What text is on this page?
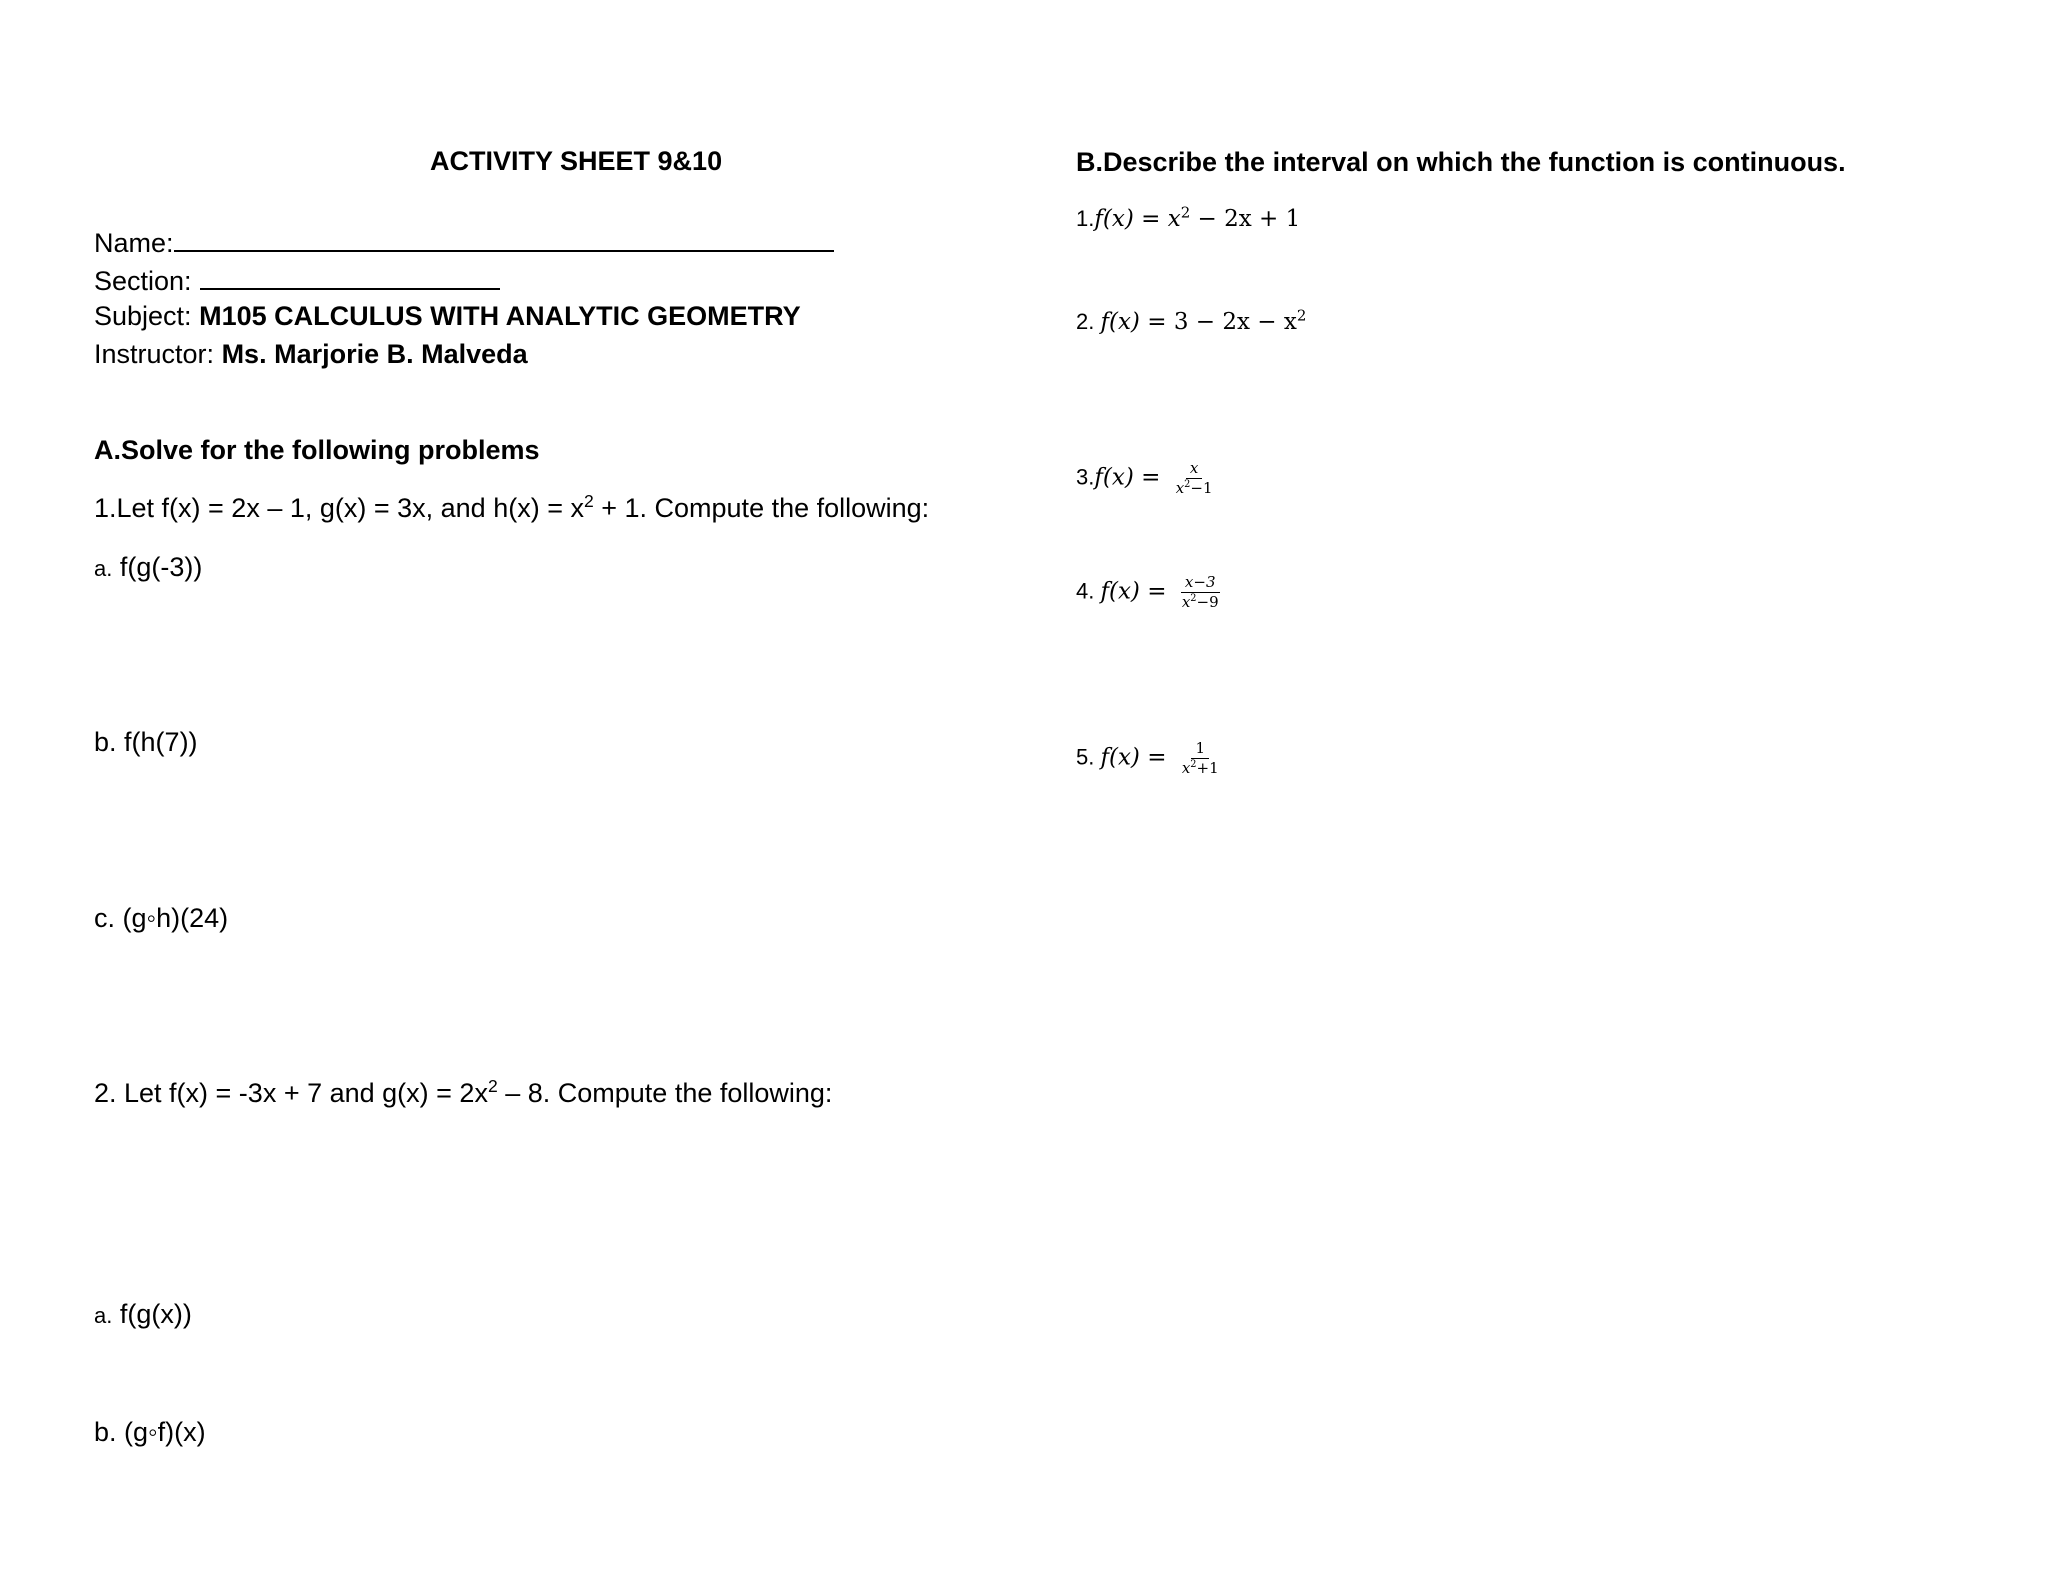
ACTIVITY SHEET 9&10
Name:
Section:
Subject: M105 CALCULUS WITH ANALYTIC GEOMETRY
Instructor: Ms. Marjorie B. Malveda
A.Solve for the following problems
1.Let f(x) = 2x – 1, g(x) = 3x, and $h(x) = x^2 + 1$. Compute the following:
a. f(g(-3))
b. f(h(7))
c. (g◦h)(24)
2. Let f(x) = -3x + 7 and $g(x) = 2x^2 - 8$. Compute the following:
a. f(g(x))
b. (g◦f)(x)
B.Describe the interval on which the function is continuous.
$1.f(x) = x^2 - 2x + 1$
2. $f(x) = 3 - 2x - x^2$
$3.f(x) = \frac{x}{x^2-1}$
4. $f(x) = \frac{x-3}{x^2-9}$
5. $f(x) = \frac{1}{x^2+1}$
